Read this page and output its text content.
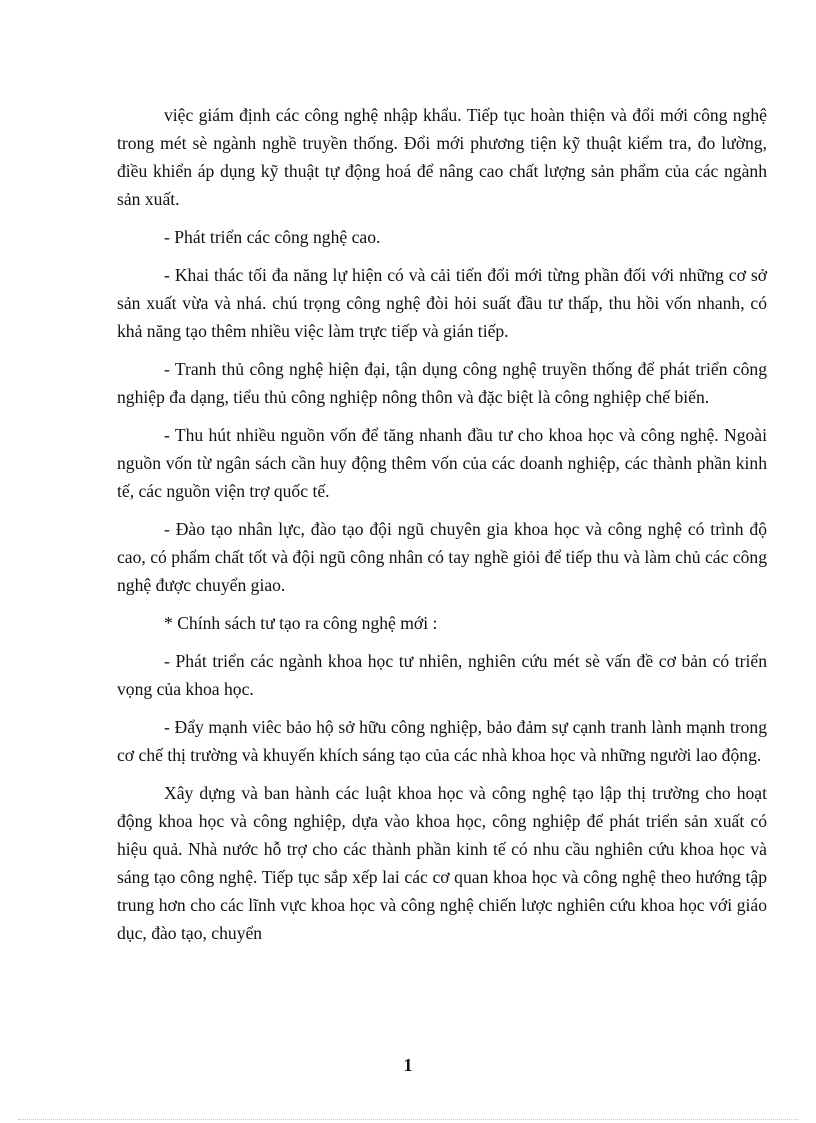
việc giám định các công nghệ nhập khẩu. Tiếp tục hoàn thiện và đổi mới công nghệ trong mét sè ngành nghề truyền thống. Đổi mới phương tiện kỹ thuật kiểm tra, đo lường, điều khiển áp dụng kỹ thuật tự động hoá để nâng cao chất lượng sản phẩm của các ngành sản xuất.

- Phát triển các công nghệ cao.

- Khai thác tối đa năng lự hiện có và cải tiến đổi mới từng phần đối với những cơ sở sản xuất vừa và nhá. chú trọng công nghệ đòi hỏi suất đầu tư thấp, thu hồi vốn nhanh, có khả năng tạo thêm nhiều việc làm trực tiếp và gián tiếp.

- Tranh thủ công nghệ hiện đại, tận dụng công nghệ truyền thống để phát triển công nghiệp đa dạng, tiểu thủ công nghiệp nông thôn và đặc biệt là công nghiệp chế biến.

- Thu hút nhiều nguồn vốn để tăng nhanh đầu tư cho khoa học và công nghệ. Ngoài nguồn vốn từ ngân sách cần huy động thêm vốn của các doanh nghiệp, các thành phần kinh tế, các nguồn viện trợ quốc tế.

- Đào tạo nhân lực, đào tạo đội ngũ chuyên gia khoa học và công nghệ có trình độ cao, có phẩm chất tốt và đội ngũ công nhân có tay nghề giỏi để tiếp thu và làm chủ các công nghệ được chuyển giao.

* Chính sách tư tạo ra công nghệ mới :

- Phát triển các ngành khoa học tư nhiên, nghiên cứu mét sè vấn đề cơ bản có triển vọng của khoa học.

- Đẩy mạnh viêc bảo hộ sở hữu công nghiệp, bảo đảm sự cạnh tranh lành mạnh trong cơ chế thị trường và khuyến khích sáng tạo của các nhà khoa học và những người lao động.

Xây dựng và ban hành các luật khoa học và công nghệ tạo lập thị trường cho hoạt động khoa học và công nghiệp, dựa vào khoa học, công nghiệp để phát triển sản xuất có hiệu quả. Nhà nước hỗ trợ cho các thành phần kinh tế có nhu cầu nghiên cứu khoa học và sáng tạo công nghệ. Tiếp tục sắp xếp lai các cơ quan khoa học và công nghệ theo hướng tập trung hơn cho các lĩnh vực khoa học và công nghệ chiến lược nghiên cứu khoa học với giáo dục, đào tạo, chuyển

1
